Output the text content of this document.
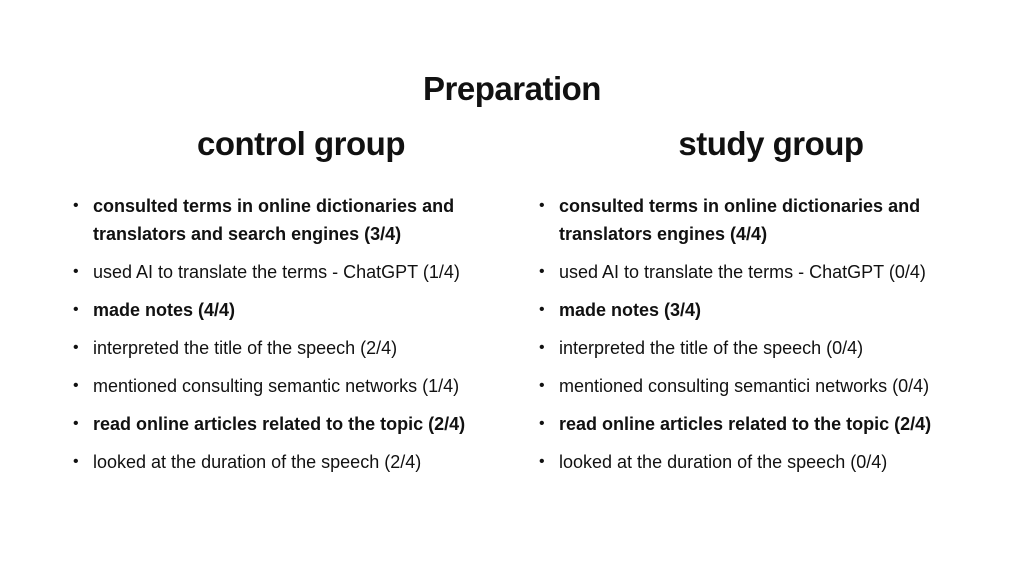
Preparation
control group
• consulted terms in online dictionaries and translators and search engines (3/4)
• used AI to translate the terms - ChatGPT (1/4)
• made notes (4/4)
• interpreted the title of the speech (2/4)
• mentioned consulting semantic networks (1/4)
• read online articles related to the topic (2/4)
• looked at the duration of the speech (2/4)
study group
• consulted terms in online dictionaries and translators engines (4/4)
• used AI to translate the terms - ChatGPT (0/4)
• made notes (3/4)
• interpreted the title of the speech (0/4)
• mentioned consulting semantici networks (0/4)
• read online articles related to the topic (2/4)
• looked at the duration of the speech (0/4)
